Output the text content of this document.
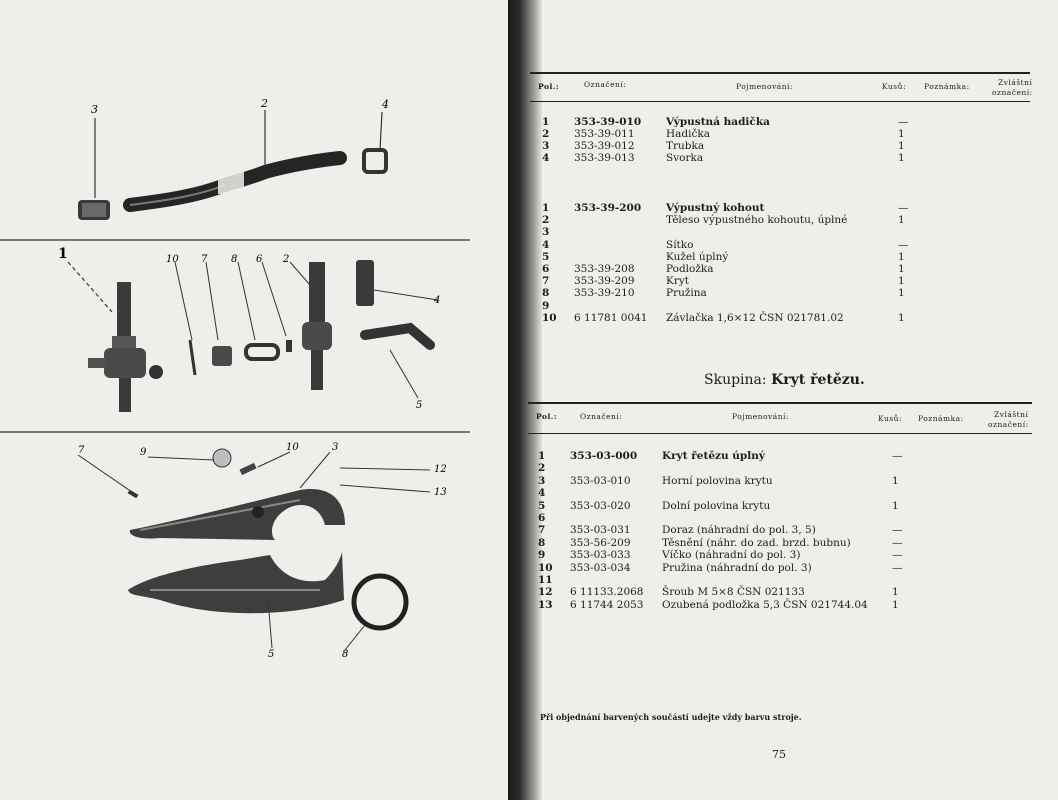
3	2	4
1	10 7 8 6 2
4
5
7	9	10	3
12
13
5	8
Pol.:	Označení:	Pojmenování:	Kusů: Poznámka:	Zvláštní
označení:
1 353-39-010 Výpustná hadička	—
2 353-39-011	Hadička	1
3 353-39-012	Trubka	1
4 353-39-013	Svorka	1
1 353-39-200 Výpustný kohout	—
2	Těleso výpustného kohoutu, úplné	1
3
4	Sítko	—
5	Kužel úplný	1
6 353-39-208	Podložka	1
7 353-39-209	Kryt	1
8 353-39-210	Pružina	1
9
10 6 11781 0041 Závlačka 1,6×12 ČSN 021781.02	1
Skupina: Kryt řetězu.
Pol.:	Označení:	Pojmenování:	Kusů: Poznámka:	Zvláštní
označení:
1 353-03-000 Kryt řetězu úplný	—
2
3 353-03-010	Horní polovina krytu	1
4
5 353-03-020	Dolní polovina krytu	1
6
7 353-03-031	Doraz (náhradní do pol. 3, 5)	—
8 353-56-209	Těsnění (náhr. do zad. brzd. bubnu)	—
9 353-03-033	Víčko (náhradní do pol. 3)	—
10 353-03-034	Pružina (náhradní do pol. 3)	—
11
12 6 11133.2068 Šroub M 5×8 ČSN 021133	1
13 6 11744 2053 Ozubená podložka 5,3 ČSN 021744.04 1
Při objednání barvených součástí udejte vždy barvu stroje.
75
